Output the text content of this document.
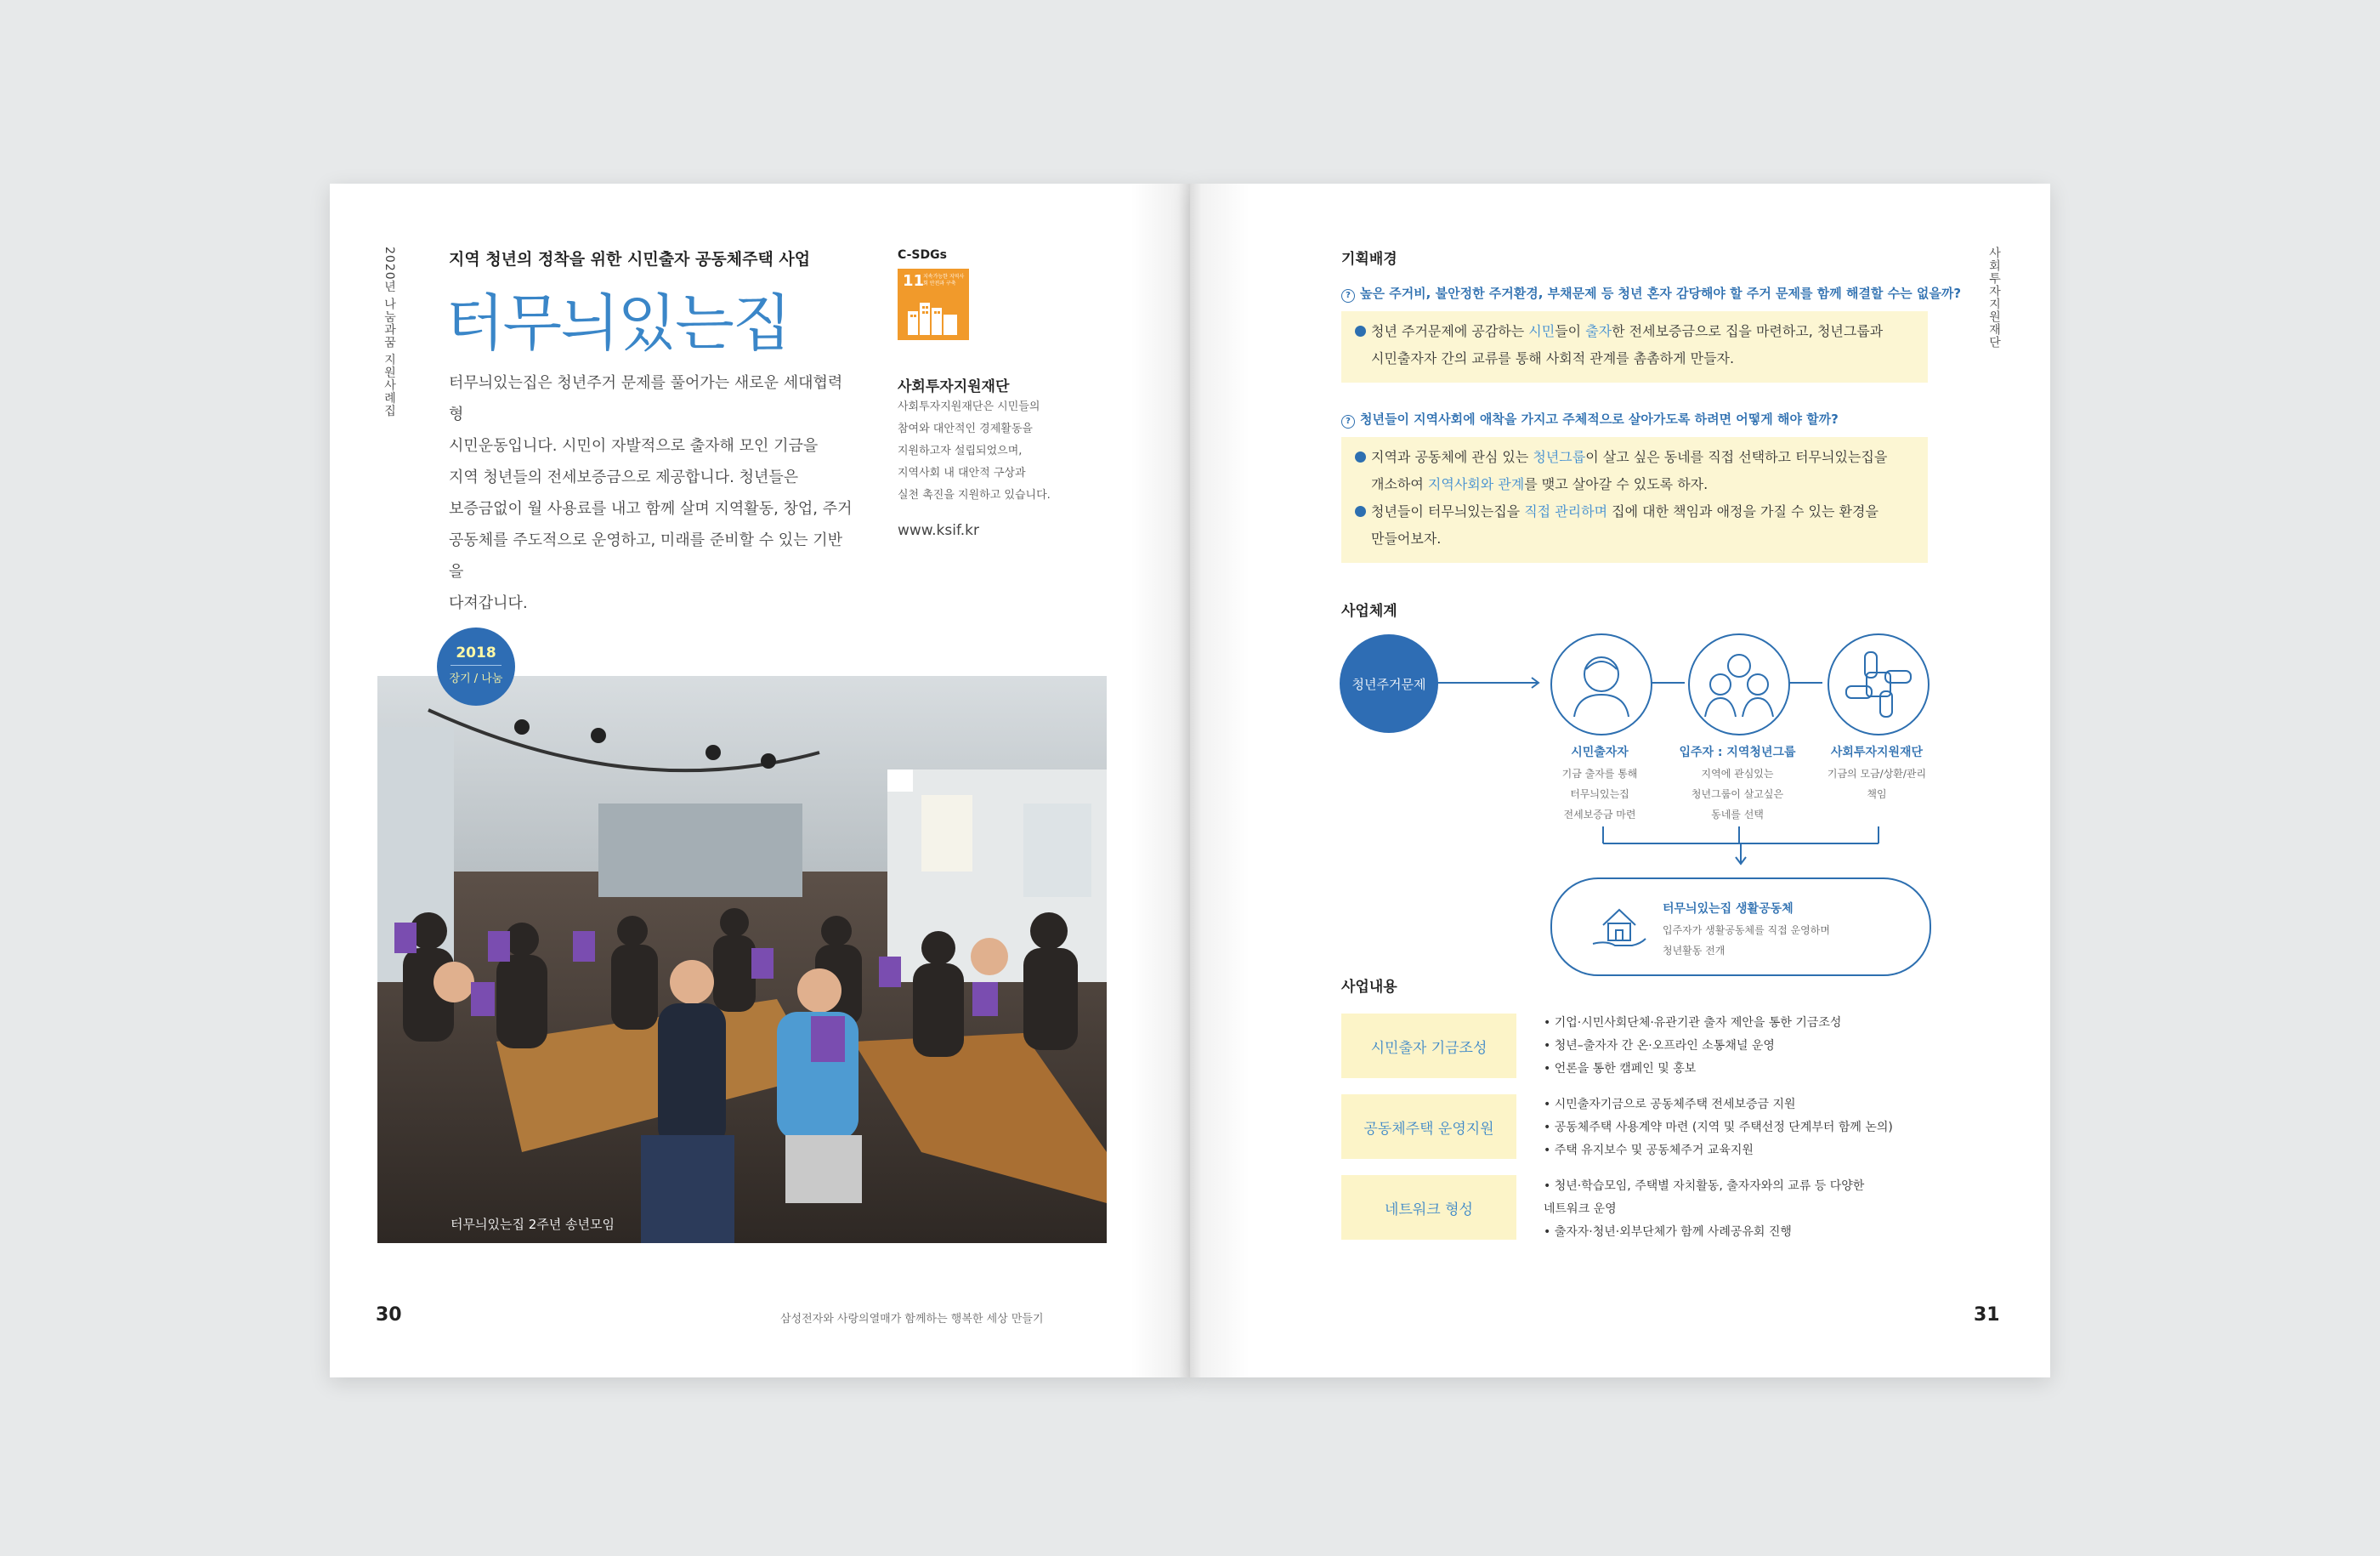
2020년 나눔과꿈 지원사례집	지역 청년의 정착을 위한 시민출자 공동체주택 사업
터무늬있는집
터무늬있는집은 청년주거 문제를 풀어가는 새로운 세대협력형
시민운동입니다. 시민이 자발적으로 출자해 모인 기금을
지역 청년들의 전세보증금으로 제공합니다. 청년들은
보증금없이 월 사용료를 내고 함께 살며 지역활동, 창업, 주거
공동체를 주도적으로 운영하고, 미래를 준비할 수 있는 기반을
다져갑니다.
C-SDGs
11
지속가능한 지역사회 안전과 구축
사회투자지원재단
사회투자지원재단은 시민들의
참여와 대안적인 경제활동을
지원하고자 설립되었으며,
지역사회 내 대안적 구상과
실천 촉진을 지원하고 있습니다.
www.ksif.kr
터무늬있는집 2주년 송년모임
2018
장기 / 나눔
30	삼성전자와 사랑의열매가 함께하는 행복한 세상 만들기
사회투자지원재단
기획배경
? 높은 주거비, 불안정한 주거환경, 부채문제 등 청년 혼자 감당해야 할 주거 문제를 함께 해결할 수는 없을까?
청년 주거문제에 공감하는 시민들이 출자한 전세보증금으로 집을 마련하고, 청년그룹과
시민출자자 간의 교류를 통해 사회적 관계를 촘촘하게 만들자.
? 청년들이 지역사회에 애착을 가지고 주체적으로 살아가도록 하려면 어떻게 해야 할까?
지역과 공동체에 관심 있는 청년그룹이 살고 싶은 동네를 직접 선택하고 터무늬있는집을
개소하여 지역사회와 관계를 맺고 살아갈 수 있도록 하자.
청년들이 터무늬있는집을 직접 관리하며 집에 대한 책임과 애정을 가질 수 있는 환경을
만들어보자.
사업체계
청년주거문제
시민출자자
기금 출자를 통해
터무늬있는집
전세보증금 마련
입주자 : 지역청년그룹
지역에 관심있는
청년그룹이 살고싶은
동네를 선택
사회투자지원재단
기금의 모금/상환/관리
책임
터무늬있는집 생활공동체
입주자가 생활공동체를 직접 운영하며
청년활동 전개
사업내용
시민출자 기금조성
• 기업·시민사회단체·유관기관 출자 제안을 통한 기금조성
• 청년–출자자 간 온·오프라인 소통채널 운영
• 언론을 통한 캠페인 및 홍보
공동체주택 운영지원
• 시민출자기금으로 공동체주택 전세보증금 지원
• 공동체주택 사용계약 마련 (지역 및 주택선정 단계부터 함께 논의)
• 주택 유지보수 및 공동체주거 교육지원
네트워크 형성
• 청년·학습모임, 주택별 자치활동, 출자자와의 교류 등 다양한
네트워크 운영
• 출자자·청년·외부단체가 함께 사례공유회 진행
31
